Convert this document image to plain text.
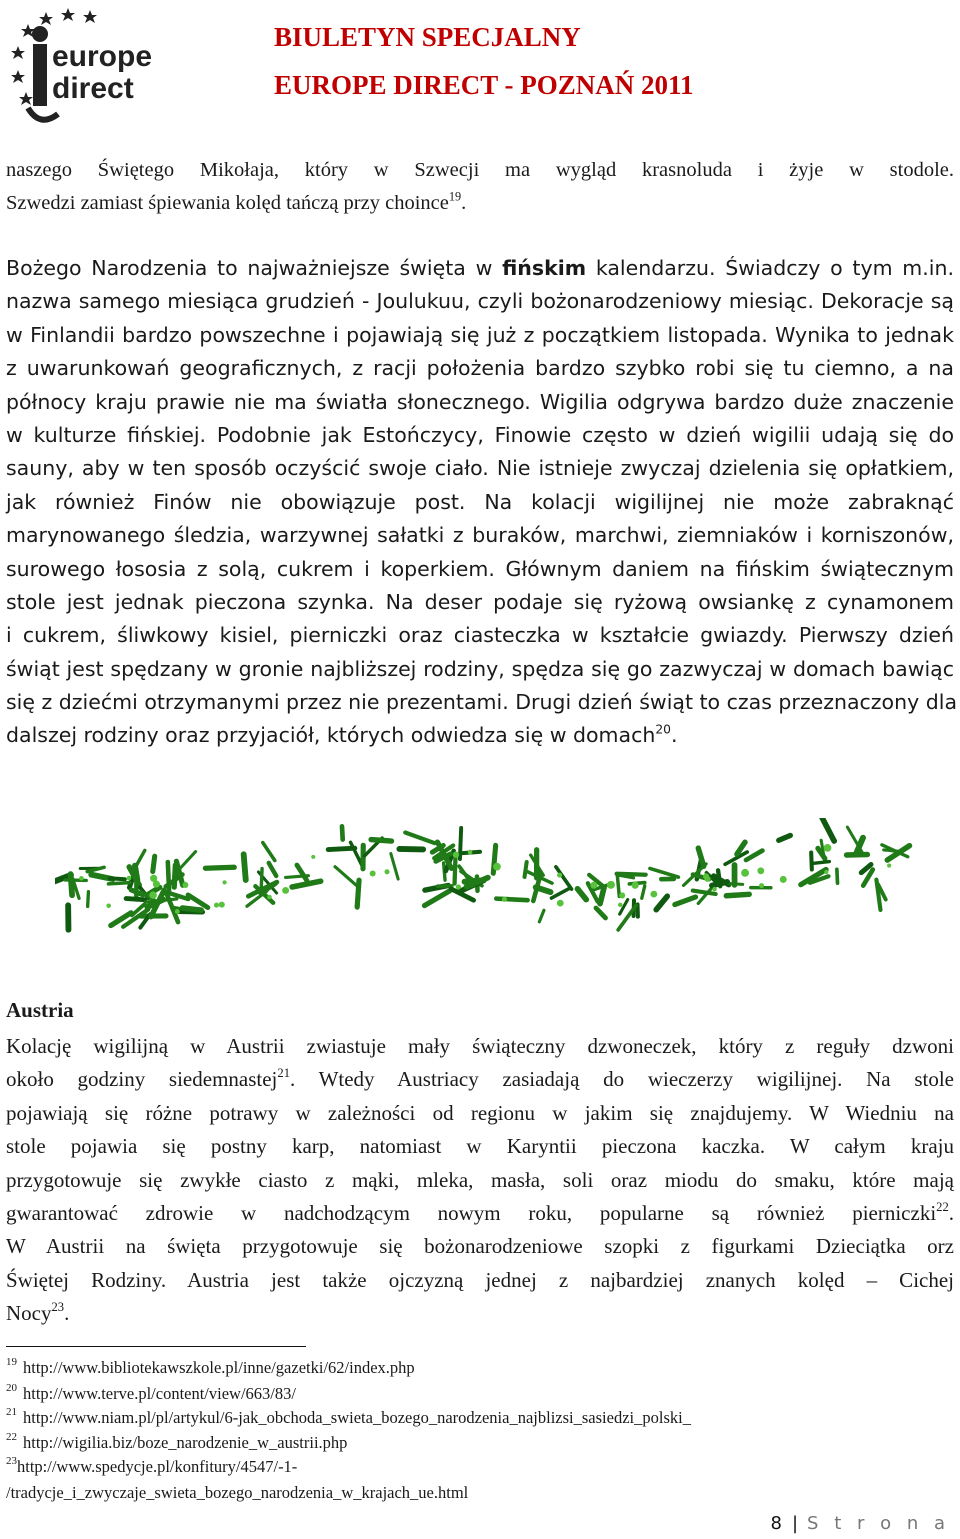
europe
direct
BIULETYN SPECJALNY
EUROPE DIRECT - POZNAŃ 2011
naszego Świętego Mikołaja, który w Szwecji ma wygląd krasnoluda i żyje w stodole.
Szwedzi zamiast śpiewania kolęd tańczą przy choince$^{19}$.
Bożego Narodzenia to najważniejsze święta w fińskim kalendarzu. Świadczy o tym m.in.
nazwa samego miesiąca grudzień - Joulukuu, czyli bożonarodzeniowy miesiąc. Dekoracje są
w Finlandii bardzo powszechne i pojawiają się już z początkiem listopada. Wynika to jednak
z uwarunkowań geograficznych, z racji położenia bardzo szybko robi się tu ciemno, a na
północy kraju prawie nie ma światła słonecznego. Wigilia odgrywa bardzo duże znaczenie
w kulturze fińskiej. Podobnie jak Estończycy, Finowie często w dzień wigilii udają się do
sauny, aby w ten sposób oczyścić swoje ciało. Nie istnieje zwyczaj dzielenia się opłatkiem,
jak również Finów nie obowiązuje post. Na kolacji wigilijnej nie może zabraknąć
marynowanego śledzia, warzywnej sałatki z buraków, marchwi, ziemniaków i korniszonów,
surowego łososia z solą, cukrem i koperkiem. Głównym daniem na fińskim świątecznym
stole jest jednak pieczona szynka. Na deser podaje się ryżową owsiankę z cynamonem
i cukrem, śliwkowy kisiel, pierniczki oraz ciasteczka w kształcie gwiazdy. Pierwszy dzień
świąt jest spędzany w gronie najbliższej rodziny, spędza się go zazwyczaj w domach bawiąc
się z dziećmi otrzymanymi przez nie prezentami. Drugi dzień świąt to czas przeznaczony dla
dalszej rodziny oraz przyjaciół, których odwiedza się w domach$^{20}$.
Austria
Kolację wigilijną w Austrii zwiastuje mały świąteczny dzwoneczek, który z reguły dzwoni
około godziny siedemnastej$^{21}$. Wtedy Austriacy zasiadają do wieczerzy wigilijnej. Na stole
pojawiają się różne potrawy w zależności od regionu w jakim się znajdujemy. W Wiedniu na
stole pojawia się postny karp, natomiast w Karyntii pieczona kaczka. W całym kraju
przygotowuje się zwykłe ciasto z mąki, mleka, masła, soli oraz miodu do smaku, które mają
gwarantować zdrowie w nadchodzącym nowym roku, popularne są również pierniczki$^{22}$.
W Austrii na święta przygotowuje się bożonarodzeniowe szopki z figurkami Dzieciątka orz
Świętej Rodziny. Austria jest także ojczyzną jednej z najbardziej znanych kolęd – Cichej
Nocy$^{23}$.

$^{19}$ http://www.bibliotekawszkole.pl/inne/gazetki/62/index.php

$^{20}$ http://www.terve.pl/content/view/663/83/

$^{21}$ http://www.niam.pl/pl/artykul/6-jak_obchoda_swieta_bozego_narodzenia_najblizsi_sasiedzi_polski_

$^{22}$ http://wigilia.biz/boze_narodzenie_w_austrii.php

$^{23}$http://www.spedycje.pl/konfitury/4547/-1-

/tradycje_i_zwyczaje_swieta_bozego_narodzenia_w_krajach_ue.html

8 | S t r o n a
